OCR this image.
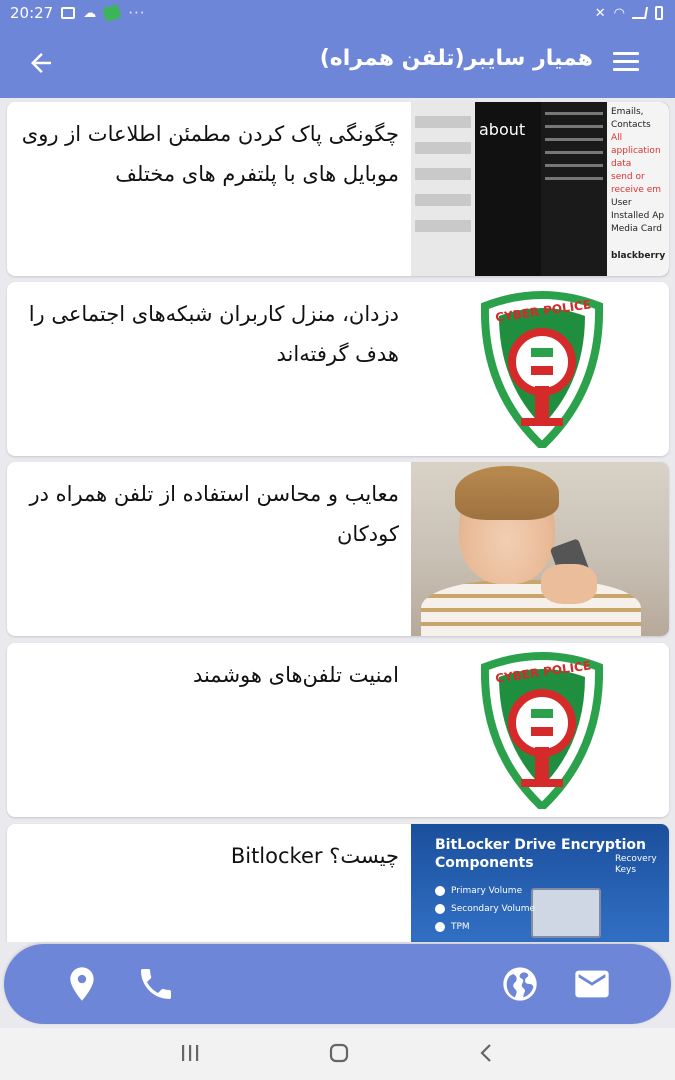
20:27 ☁ ···	✕ ◠
همیار سایبر(تلفن همراه)
about
Emails, Contacts
All application data
send or receive em
User Installed Ap
Media Card
blackberry
چگونگی پاک کردن مطمئن اطلاعات از روی موبایل های با پلتفرم های مختلف
CYBER POLICE
دزدان، منزل کاربران شبکه‌های اجتماعی را هدف گرفته‌اند
معایب و محاسن استفاده از تلفن همراه در کودکان
CYBER POLICE
امنیت تلفن‌های هوشمند
BitLocker Drive Encryption Components
Primary Volume
Secondary Volume
TPM
Recovery Keys
چیست؟ Bitlocker
